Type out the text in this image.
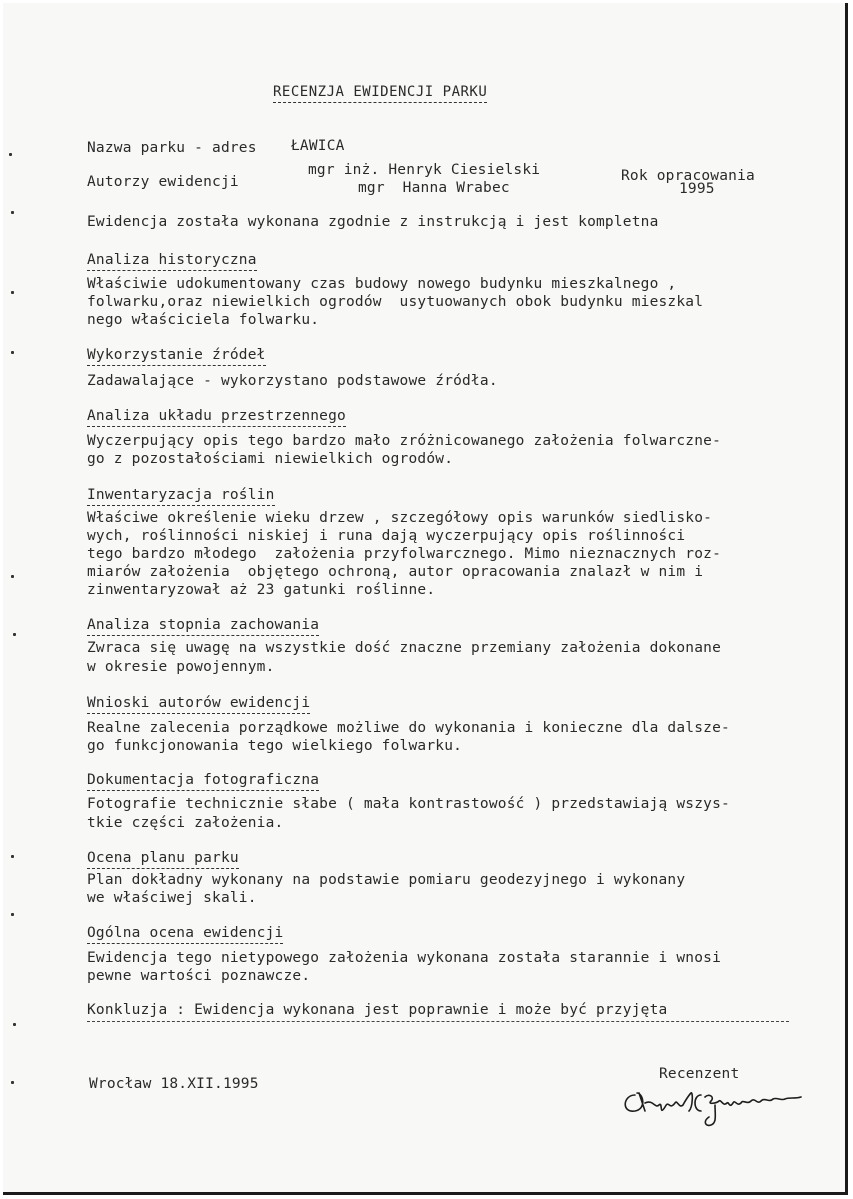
RECENZJA EWIDENCJI PARKU
Nazwa parku - adres ŁAWICA
Autorzy ewidencji
mgr inż. Henryk Ciesielski
mgr  Hanna Wrabec
Rok opracowania
1995
Ewidencja została wykonana zgodnie z instrukcją i jest kompletna
Analiza historyczna
Właściwie udokumentowany czas budowy nowego budynku mieszkalnego ,
folwarku,oraz niewielkich ogrodów  usytuowanych obok budynku mieszkal
nego właściciela folwarku.
Wykorzystanie źródeł
Zadawalające - wykorzystano podstawowe źródła.
Analiza układu przestrzennego
Wyczerpujący opis tego bardzo mało zróżnicowanego założenia folwarczne-
go z pozostałościami niewielkich ogrodów.
Inwentaryzacja roślin
Właściwe określenie wieku drzew , szczegółowy opis warunków siedlisko-
wych, roślinności niskiej i runa dają wyczerpujący opis roślinności
tego bardzo młodego  założenia przyfolwarcznego. Mimo nieznacznych roz-
miarów założenia  objętego ochroną, autor opracowania znalazł w nim i
zinwentaryzował aż 23 gatunki roślinne.
Analiza stopnia zachowania
Zwraca się uwagę na wszystkie dość znaczne przemiany założenia dokonane
w okresie powojennym.
Wnioski autorów ewidencji
Realne zalecenia porządkowe możliwe do wykonania i konieczne dla dalsze-
go funkcjonowania tego wielkiego folwarku.
Dokumentacja fotograficzna
Fotografie technicznie słabe ( mała kontrastowość ) przedstawiają wszys-
tkie części założenia.
Ocena planu parku
Plan dokładny wykonany na podstawie pomiaru geodezyjnego i wykonany
we właściwej skali.
Ogólna ocena ewidencji
Ewidencja tego nietypowego założenia wykonana została starannie i wnosi
pewne wartości poznawcze.
Konkluzja : Ewidencja wykonana jest poprawnie i może być przyjęta
Wrocław 18.XII.1995
Recenzent
